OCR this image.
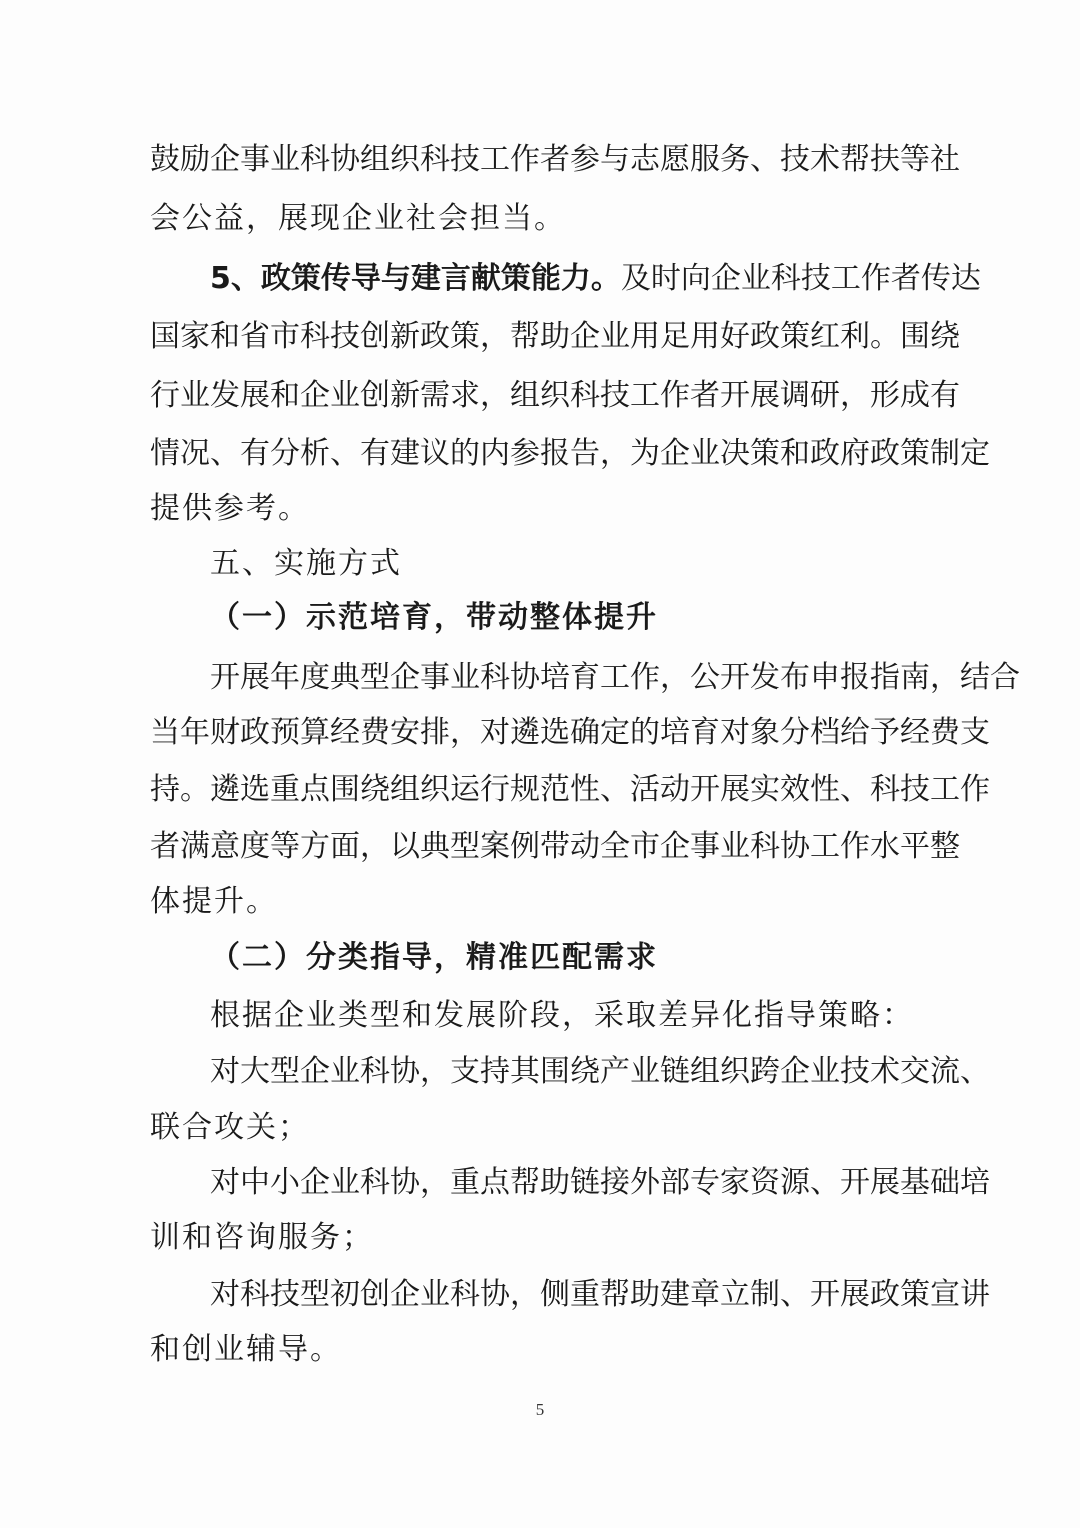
鼓励企事业科协组织科技工作者参与志愿服务、技术帮扶等社
会公益，展现企业社会担当。
5、政策传导与建言献策能力。及时向企业科技工作者传达
国家和省市科技创新政策，帮助企业用足用好政策红利。围绕
行业发展和企业创新需求，组织科技工作者开展调研，形成有
情况、有分析、有建议的内参报告，为企业决策和政府政策制定
提供参考。
五、实施方式
（一）示范培育，带动整体提升
开展年度典型企事业科协培育工作，公开发布申报指南，结合
当年财政预算经费安排，对遴选确定的培育对象分档给予经费支
持。遴选重点围绕组织运行规范性、活动开展实效性、科技工作
者满意度等方面，以典型案例带动全市企事业科协工作水平整
体提升。
（二）分类指导，精准匹配需求
根据企业类型和发展阶段，采取差异化指导策略：
对大型企业科协，支持其围绕产业链组织跨企业技术交流、
联合攻关；
对中小企业科协，重点帮助链接外部专家资源、开展基础培
训和咨询服务；
对科技型初创企业科协，侧重帮助建章立制、开展政策宣讲
和创业辅导。
5
